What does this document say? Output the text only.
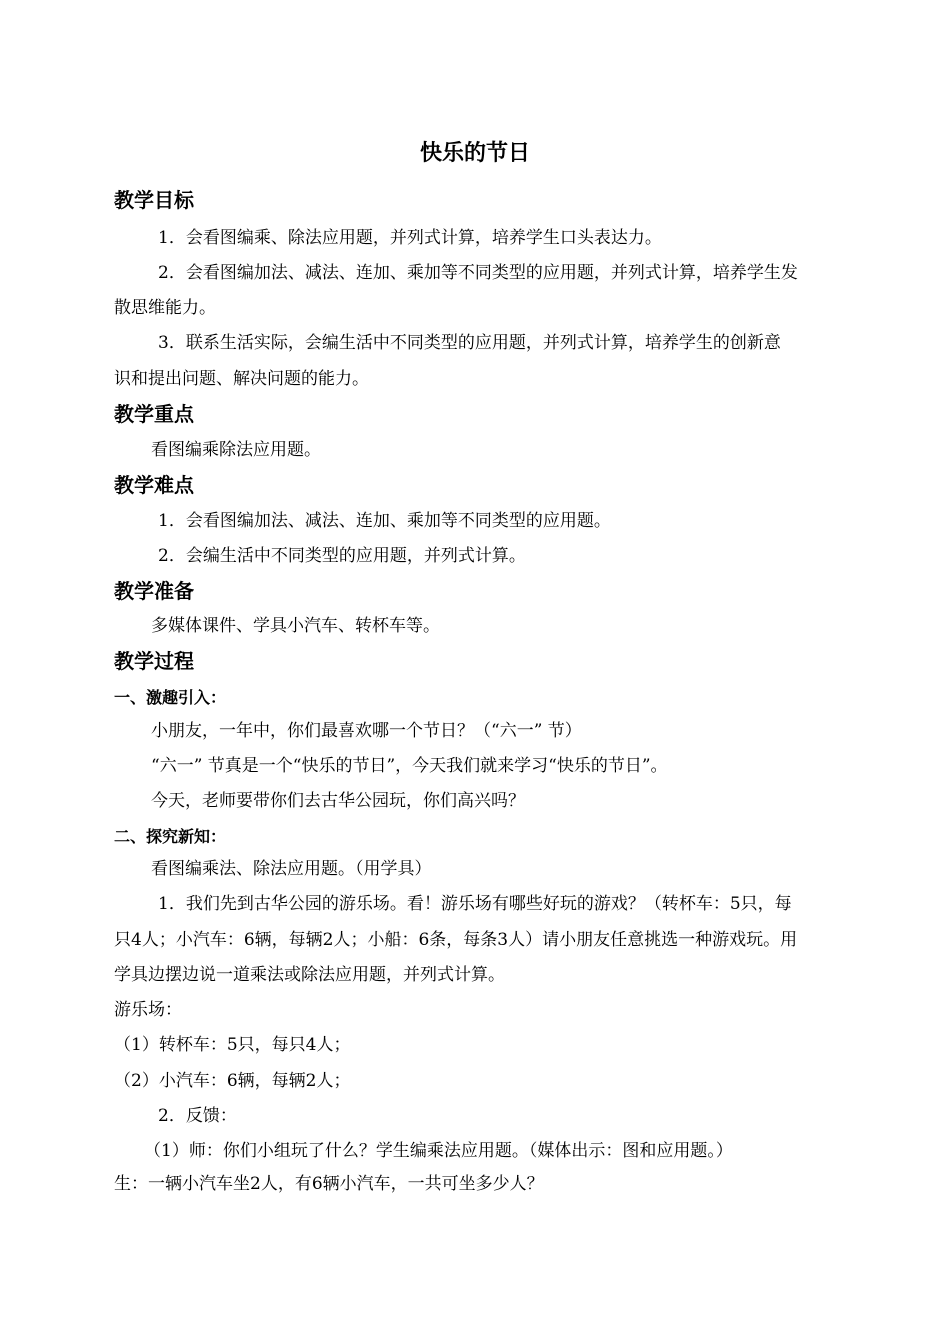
快乐的节日
教学目标
1．会看图编乘、除法应用题，并列式计算，培养学生口头表达力。
2．会看图编加法、减法、连加、乘加等不同类型的应用题，并列式计算，培养学生发
散思维能力。
3．联系生活实际，会编生活中不同类型的应用题，并列式计算，培养学生的创新意
识和提出问题、解决问题的能力。
教学重点
看图编乘除法应用题。
教学难点
1．会看图编加法、减法、连加、乘加等不同类型的应用题。
2．会编生活中不同类型的应用题，并列式计算。
教学准备
多媒体课件、学具小汽车、转杯车等。
教学过程
一、激趣引入：
小朋友，一年中，你们最喜欢哪一个节日？（“六一” 节）
“六一” 节真是一个“快乐的节日”，今天我们就来学习“快乐的节日”。
今天，老师要带你们去古华公园玩，你们高兴吗？
二、探究新知：
看图编乘法、除法应用题。（用学具）
1．我们先到古华公园的游乐场。看！游乐场有哪些好玩的游戏？（转杯车：5只，每
只4人；小汽车：6辆，每辆2人；小船：6条，每条3人）请小朋友任意挑选一种游戏玩。用
学具边摆边说一道乘法或除法应用题，并列式计算。
游乐场：
（1）转杯车：5只，每只4人；
（2）小汽车：6辆，每辆2人；
2．反馈：
（1）师：你们小组玩了什么？学生编乘法应用题。（媒体出示：图和应用题。）
生：一辆小汽车坐2人，有6辆小汽车，一共可坐多少人？
